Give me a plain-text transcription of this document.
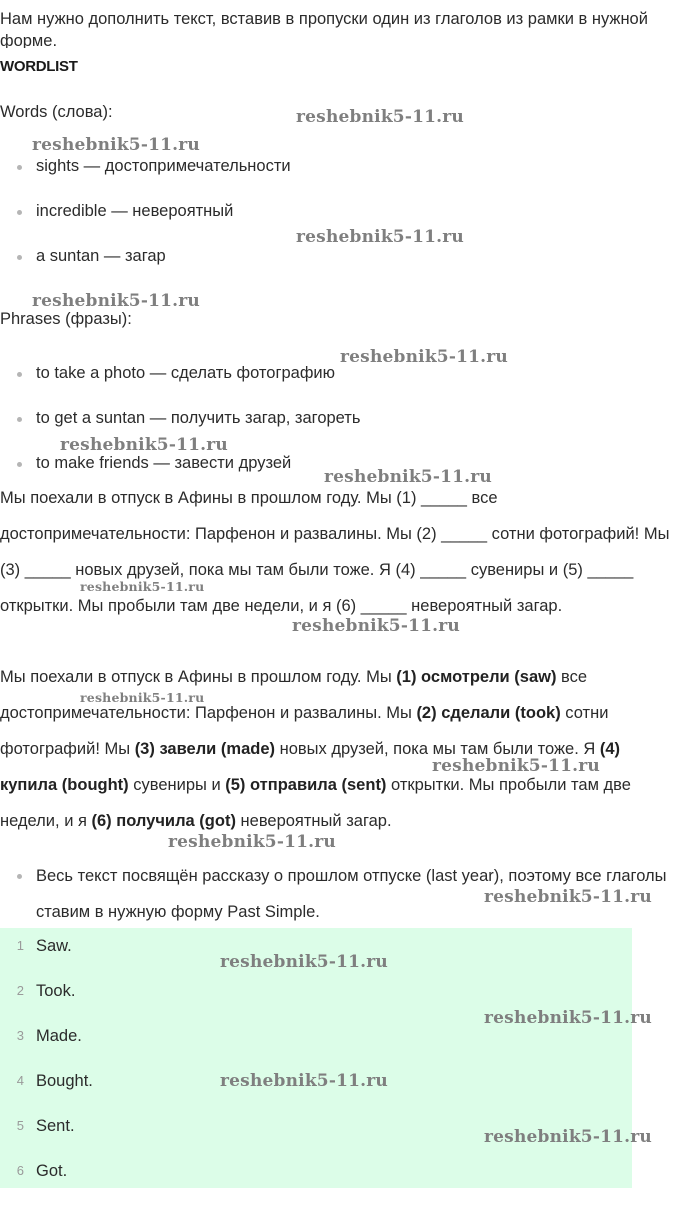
Нам нужно дополнить текст, вставив в пропуски один из глаголов из рамки в нужной форме.

WORDLIST

Words (слова):

sights — достопримечательности
incredible — невероятный
a suntan — загар

Phrases (фразы):

to take a photo — сделать фотографию
to get a suntan — получить загар, загореть
to make friends — завести друзей

Мы поехали в отпуск в Афины в прошлом году. Мы (1) _____ все достопримечательности: Парфенон и развалины. Мы (2) _____ сотни фотографий! Мы (3) _____ новых друзей, пока мы там были тоже. Я (4) _____ сувениры и (5) _____ открытки. Мы пробыли там две недели, и я (6) _____ невероятный загар.

Мы поехали в отпуск в Афины в прошлом году. Мы (1) осмотрели (saw) все достопримечательности: Парфенон и развалины. Мы (2) сделали (took) сотни фотографий! Мы (3) завели (made) новых друзей, пока мы там были тоже. Я (4) купила (bought) сувениры и (5) отправила (sent) открытки. Мы пробыли там две недели, и я (6) получила (got) невероятный загар.

Весь текст посвящён рассказу о прошлом отпуске (last year), поэтому все глаголы ставим в нужную форму Past Simple.
1 Saw.
2 Took.
3 Made.
4 Bought.
5 Sent.
6 Got.
reshebnik5-11.ru
reshebnik5-11.ru
reshebnik5-11.ru
reshebnik5-11.ru
reshebnik5-11.ru
reshebnik5-11.ru
reshebnik5-11.ru
reshebnik5-11.ru
reshebnik5-11.ru
reshebnik5-11.ru
reshebnik5-11.ru
reshebnik5-11.ru
reshebnik5-11.ru
reshebnik5-11.ru
reshebnik5-11.ru
reshebnik5-11.ru
reshebnik5-11.ru
